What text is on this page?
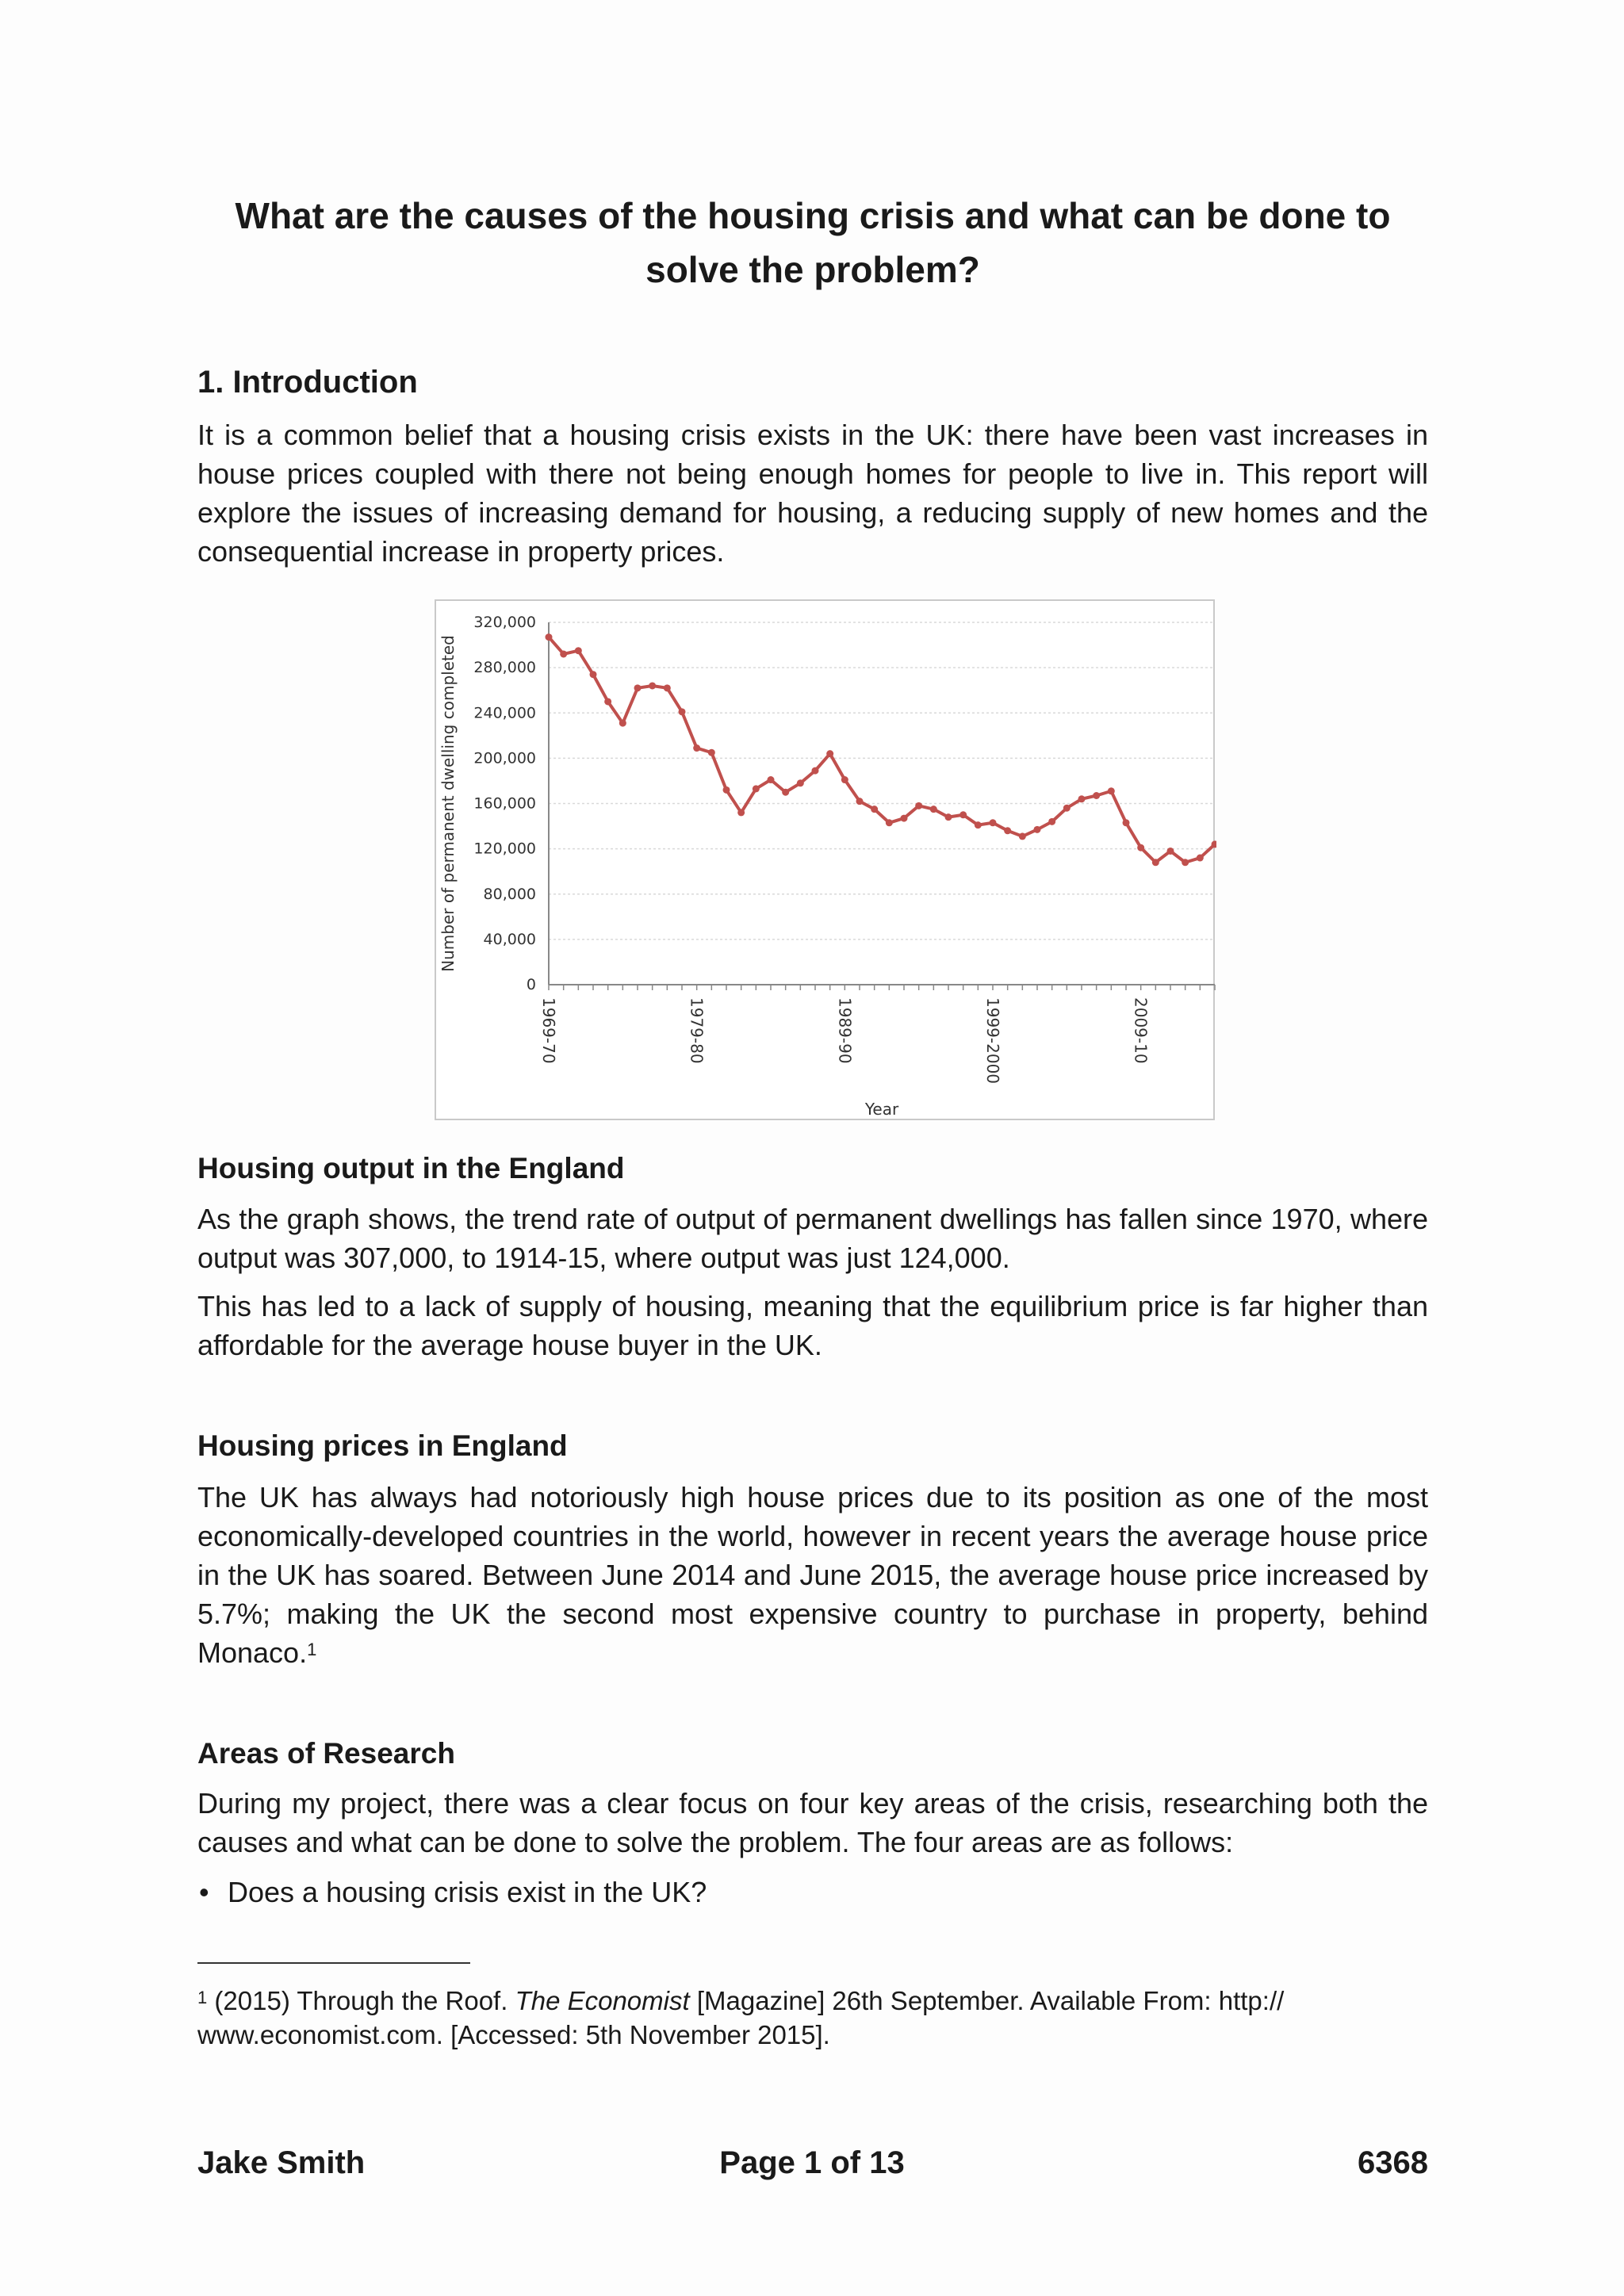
What are the causes of the housing crisis and what can be done to
solve the problem?
1. Introduction

It is a common belief that a housing crisis exists in the UK: there have been vast increases in house prices coupled with there not being enough homes for people to live in. This report will explore the issues of increasing demand for housing, a reducing supply of new homes and the consequential increase in property prices.

0
40,000
80,000
120,000
160,000
200,000
240,000
280,000
320,000
1969-70	1979-80	1989-90	1999-2000	2009-10
Year
Number of permanent dwelling completed
Housing output in the England

As the graph shows, the trend rate of output of permanent dwellings has fallen since 1970, where output was 307,000, to 1914-15, where output was just 124,000.

This has led to a lack of supply of housing, meaning that the equilibrium price is far higher than affordable for the average house buyer in the UK.

Housing prices in England

The UK has always had notoriously high house prices due to its position as one of the most economically-developed countries in the world, however in recent years the average house price in the UK has soared. Between June 2014 and June 2015, the average house price increased by 5.7%; making the UK the second most expensive country to purchase in property, behind Monaco.$^1$

Areas of Research

During my project, there was a clear focus on four key areas of the crisis, researching both the causes and what can be done to solve the problem. The four areas are as follows:

• Does a housing crisis exist in the UK?

$^1$ (2015) Through the Roof. The Economist [Magazine] 26th September. Available From: http://
www.economist.com. [Accessed: 5th November 2015].

Jake Smith	Page 1 of 13	6368
